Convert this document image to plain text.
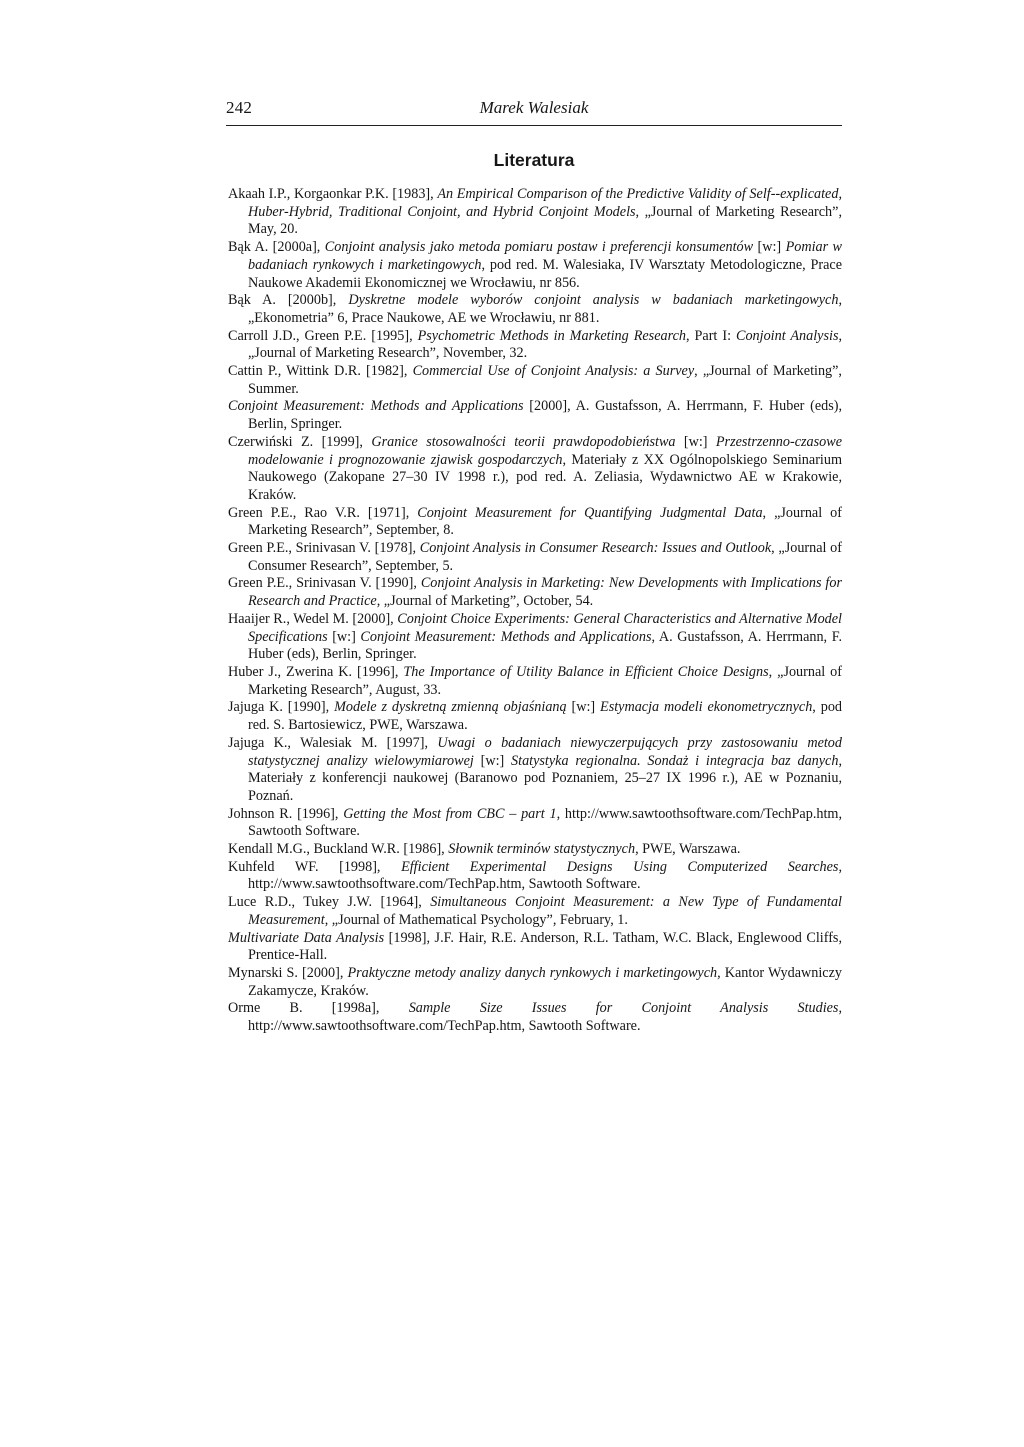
242	Marek Walesiak
Literatura
Akaah I.P., Korgaonkar P.K. [1983], An Empirical Comparison of the Predictive Validity of Self--explicated, Huber-Hybrid, Traditional Conjoint, and Hybrid Conjoint Models, „Journal of Marketing Research”, May, 20.
Bąk A. [2000a], Conjoint analysis jako metoda pomiaru postaw i preferencji konsumentów [w:] Pomiar w badaniach rynkowych i marketingowych, pod red. M. Walesiaka, IV Warsztaty Metodologiczne, Prace Naukowe Akademii Ekonomicznej we Wrocławiu, nr 856.
Bąk A. [2000b], Dyskretne modele wyborów conjoint analysis w badaniach marketingowych, „Ekonometria” 6, Prace Naukowe, AE we Wrocławiu, nr 881.
Carroll J.D., Green P.E. [1995], Psychometric Methods in Marketing Research, Part I: Conjoint Analysis, „Journal of Marketing Research”, November, 32.
Cattin P., Wittink D.R. [1982], Commercial Use of Conjoint Analysis: a Survey, „Journal of Marketing”, Summer.
Conjoint Measurement: Methods and Applications [2000], A. Gustafsson, A. Herrmann, F. Huber (eds), Berlin, Springer.
Czerwiński Z. [1999], Granice stosowalności teorii prawdopodobieństwa [w:] Przestrzenno-czasowe modelowanie i prognozowanie zjawisk gospodarczych, Materiały z XX Ogólnopolskiego Seminarium Naukowego (Zakopane 27–30 IV 1998 r.), pod red. A. Zeliasia, Wydawnictwo AE w Krakowie, Kraków.
Green P.E., Rao V.R. [1971], Conjoint Measurement for Quantifying Judgmental Data, „Journal of Marketing Research”, September, 8.
Green P.E., Srinivasan V. [1978], Conjoint Analysis in Consumer Research: Issues and Outlook, „Journal of Consumer Research”, September, 5.
Green P.E., Srinivasan V. [1990], Conjoint Analysis in Marketing: New Developments with Implications for Research and Practice, „Journal of Marketing”, October, 54.
Haaijer R., Wedel M. [2000], Conjoint Choice Experiments: General Characteristics and Alternative Model Specifications [w:] Conjoint Measurement: Methods and Applications, A. Gustafsson, A. Herrmann, F. Huber (eds), Berlin, Springer.
Huber J., Zwerina K. [1996], The Importance of Utility Balance in Efficient Choice Designs, „Journal of Marketing Research”, August, 33.
Jajuga K. [1990], Modele z dyskretną zmienną objaśnianą [w:] Estymacja modeli ekonometrycznych, pod red. S. Bartosiewicz, PWE, Warszawa.
Jajuga K., Walesiak M. [1997], Uwagi o badaniach niewyczerpujących przy zastosowaniu metod statystycznej analizy wielowymiarowej [w:] Statystyka regionalna. Sondaż i integracja baz danych, Materiały z konferencji naukowej (Baranowo pod Poznaniem, 25–27 IX 1996 r.), AE w Poznaniu, Poznań.
Johnson R. [1996], Getting the Most from CBC – part 1, http://www.sawtoothsoftware.com/TechPap.htm, Sawtooth Software.
Kendall M.G., Buckland W.R. [1986], Słownik terminów statystycznych, PWE, Warszawa.
Kuhfeld WF. [1998], Efficient Experimental Designs Using Computerized Searches, http://www.sawtoothsoftware.com/TechPap.htm, Sawtooth Software.
Luce R.D., Tukey J.W. [1964], Simultaneous Conjoint Measurement: a New Type of Fundamental Measurement, „Journal of Mathematical Psychology”, February, 1.
Multivariate Data Analysis [1998], J.F. Hair, R.E. Anderson, R.L. Tatham, W.C. Black, Englewood Cliffs, Prentice-Hall.
Mynarski S. [2000], Praktyczne metody analizy danych rynkowych i marketingowych, Kantor Wydawniczy Zakamycze, Kraków.
Orme B. [1998a], Sample Size Issues for Conjoint Analysis Studies, http://www.sawtoothsoftware.com/TechPap.htm, Sawtooth Software.
